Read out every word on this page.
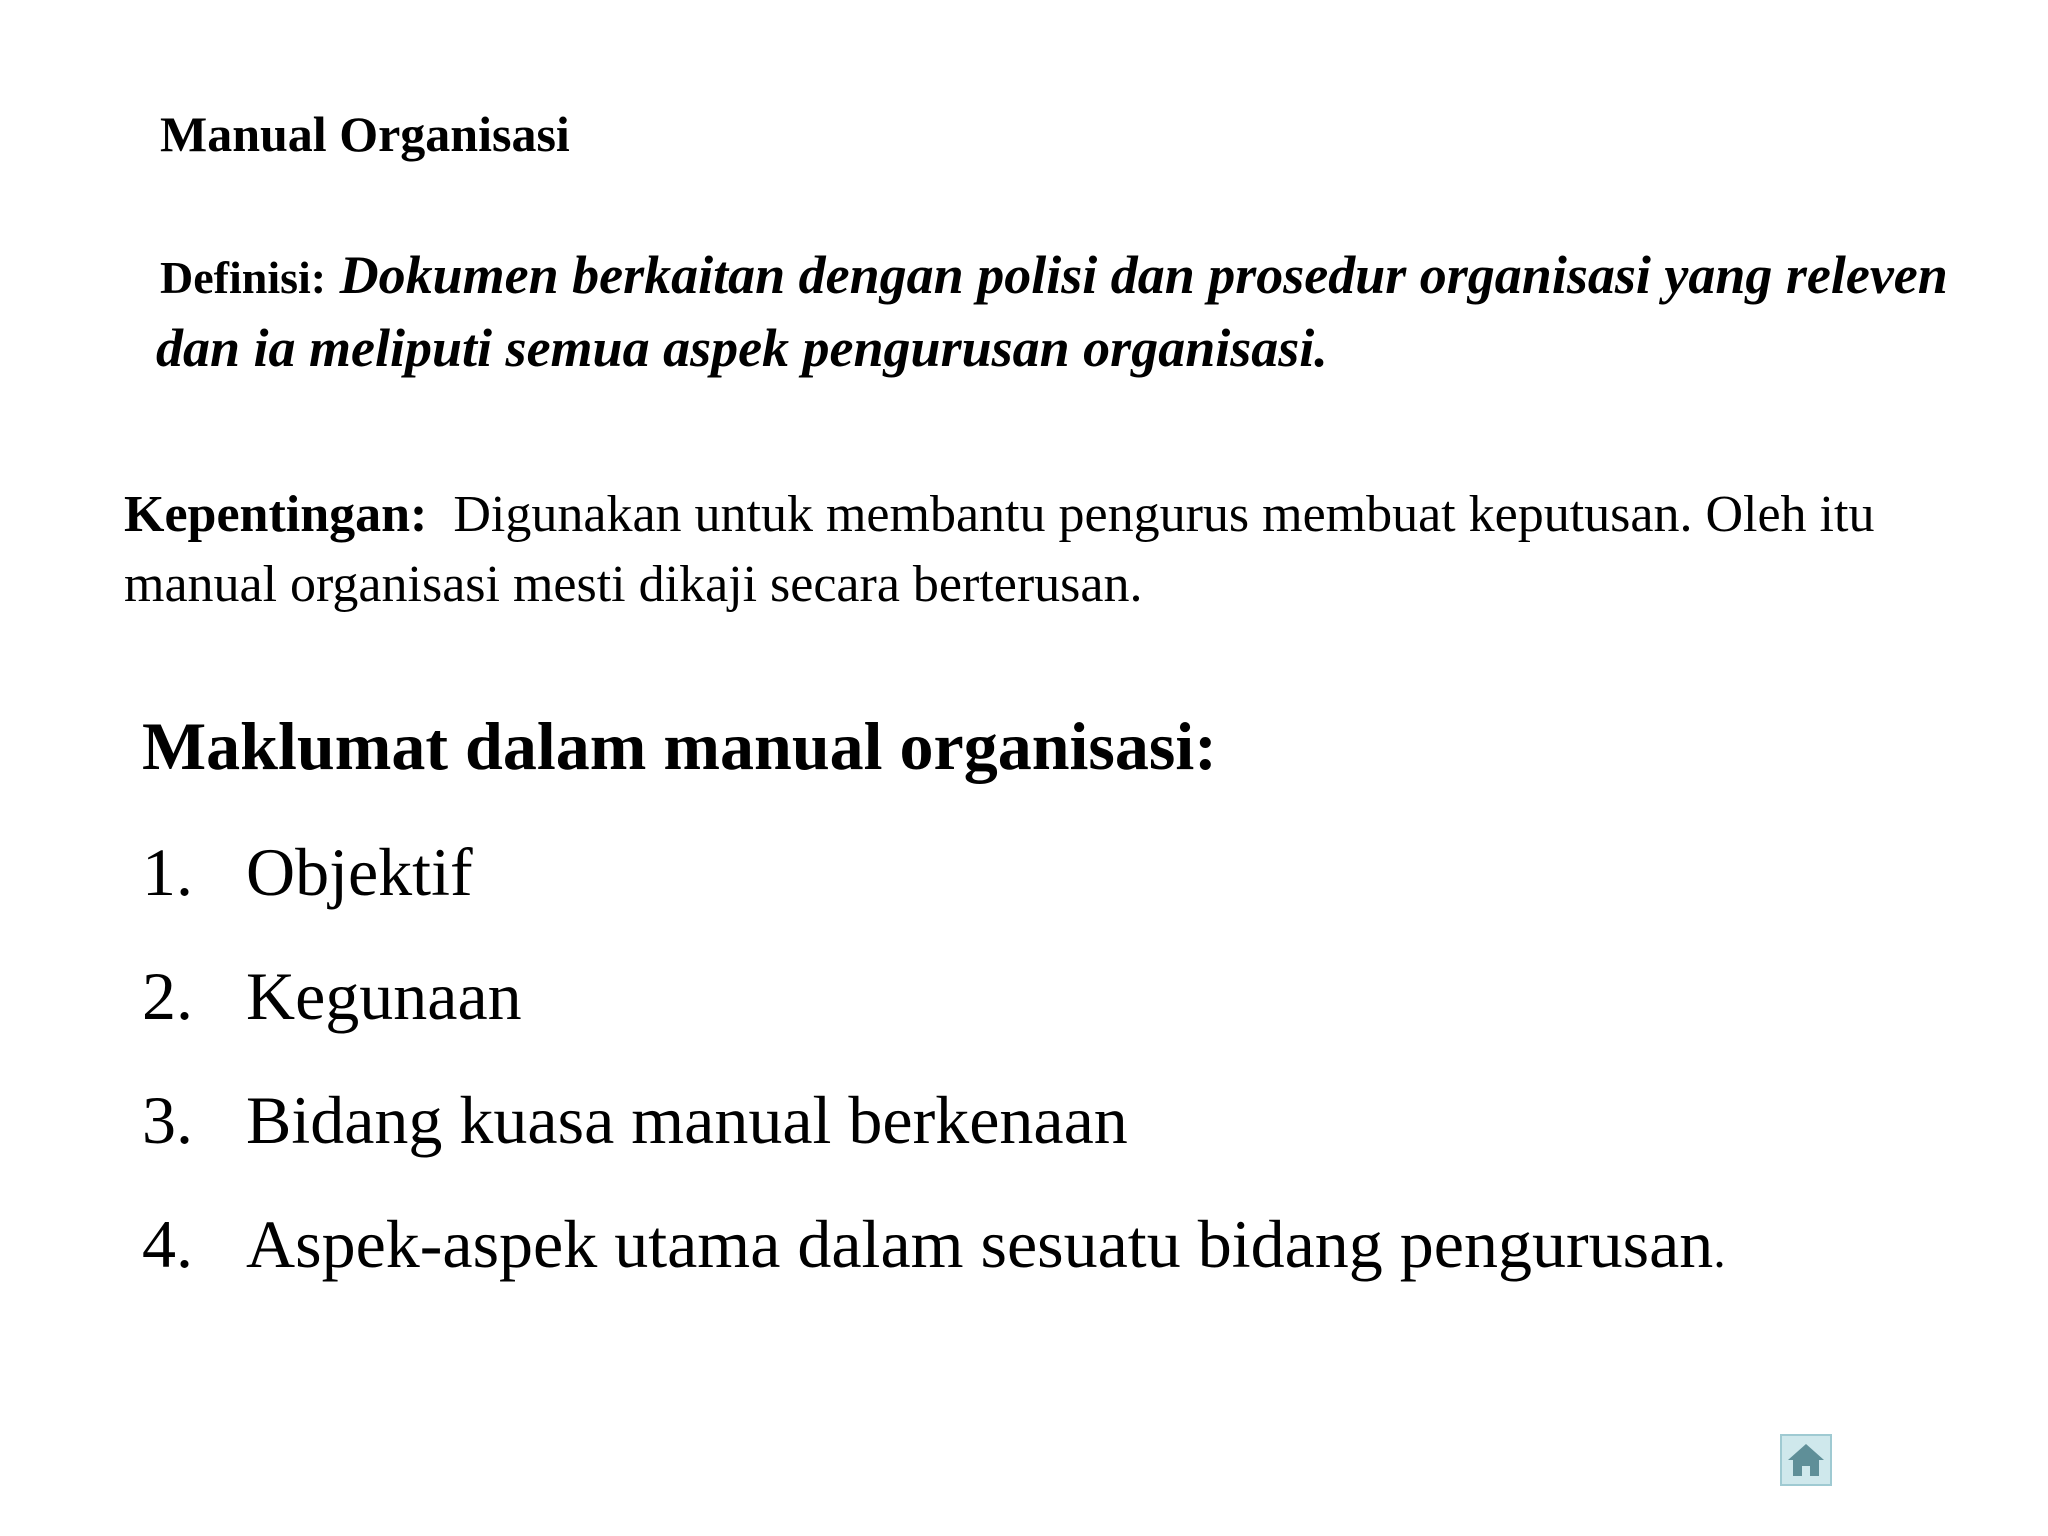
Manual Organisasi
Definisi: Dokumen berkaitan dengan polisi dan prosedur organisasi yang releven dan ia meliputi semua aspek pengurusan organisasi.
Kepentingan: Digunakan untuk membantu pengurus membuat keputusan. Oleh itu manual organisasi mesti dikaji secara berterusan.
Maklumat dalam manual organisasi:
1. Objektif
2. Kegunaan
3. Bidang kuasa manual berkenaan
4. Aspek-aspek utama dalam sesuatu bidang pengurusan.
